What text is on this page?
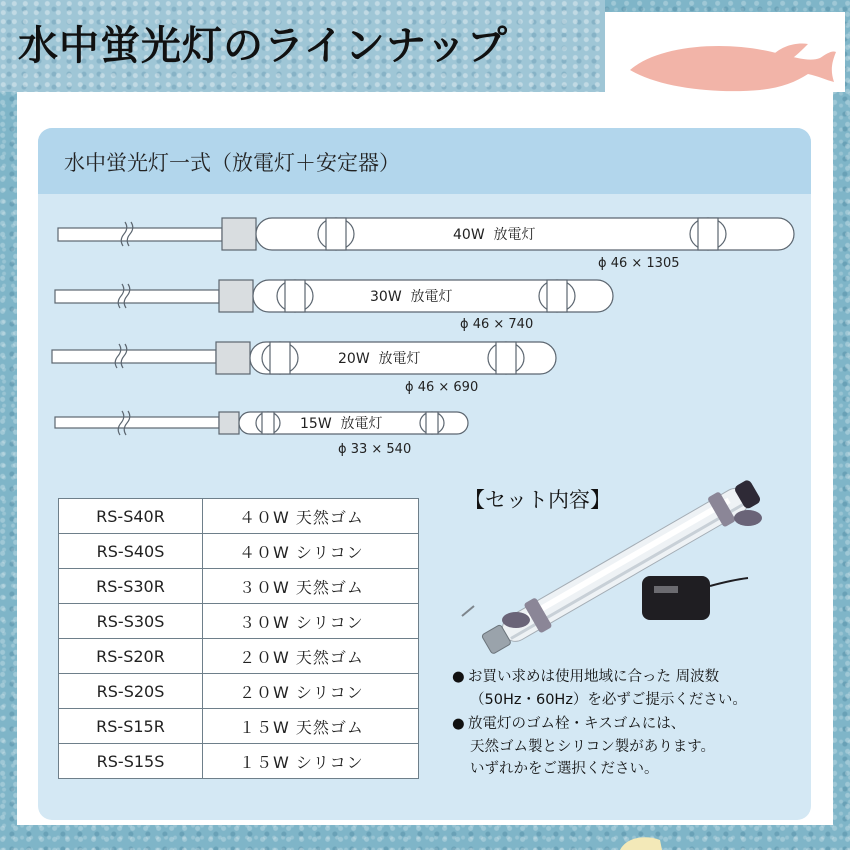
水中蛍光灯のラインナップ
水中蛍光灯一式（放電灯＋安定器）
40W  放電灯
ϕ 46 × 1305
30W  放電灯
ϕ 46 × 740
20W  放電灯
ϕ 46 × 690
15W  放電灯
ϕ 33 × 540
RS-S40R	４０W 天然ゴム
RS-S40S	４０W シリコン
RS-S30R	３０W 天然ゴム
RS-S30S	３０W シリコン
RS-S20R	２０W 天然ゴム
RS-S20S	２０W シリコン
RS-S15R	１５W 天然ゴム
RS-S15S	１５W シリコン
【セット内容】
● お買い求めは使用地域に合った 周波数
（50Hz・60Hz）を必ずご提示ください。
● 放電灯のゴム栓・キスゴムには、
天然ゴム製とシリコン製があります。
いずれかをご選択ください。
